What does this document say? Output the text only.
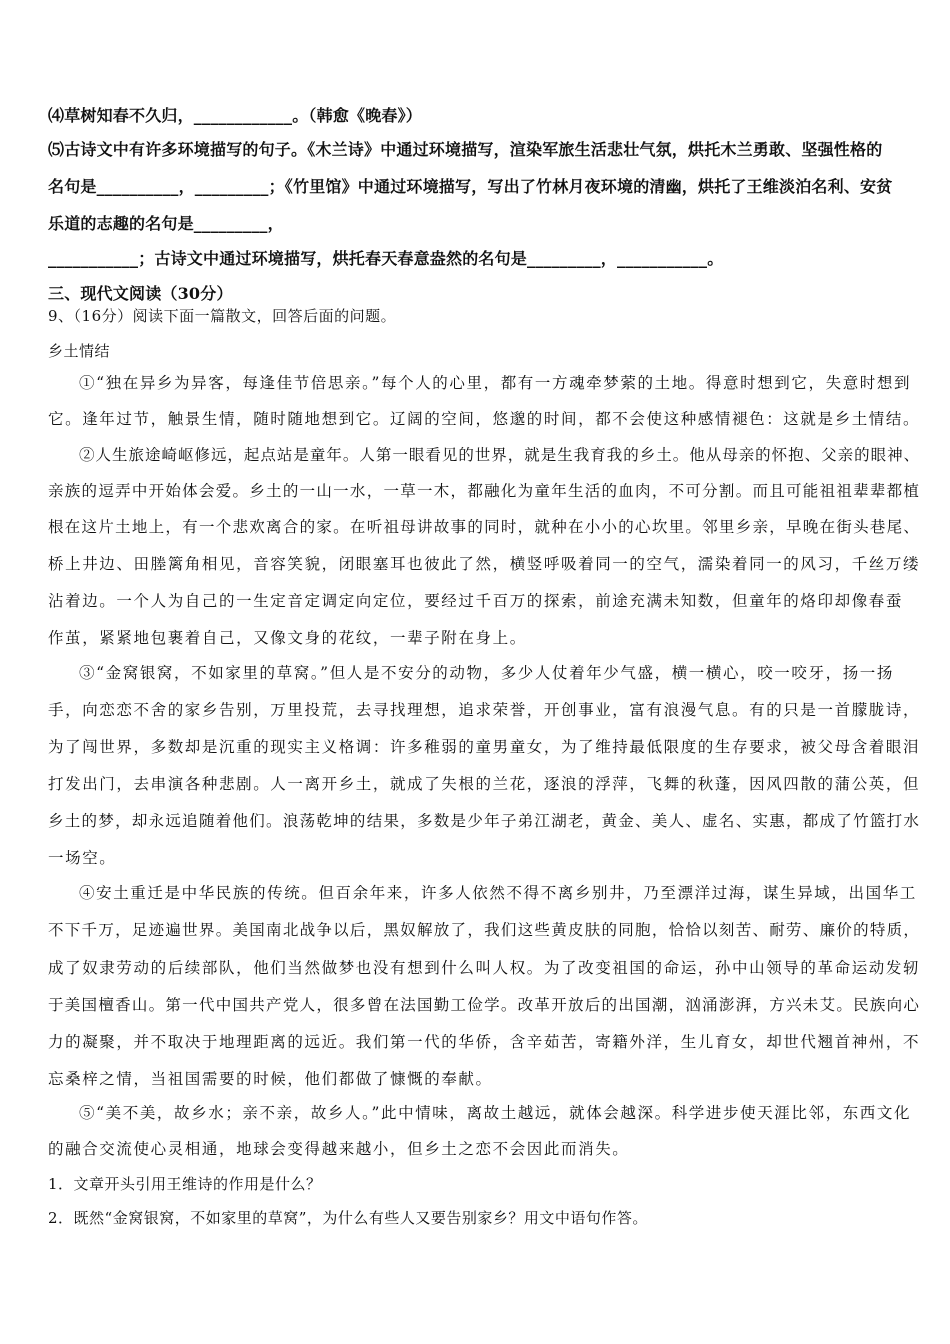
⑷草树知春不久归，____________。（韩愈《晚春》）
⑸古诗文中有许多环境描写的句子。《木兰诗》中通过环境描写，渲染军旅生活悲壮气氛，烘托木兰勇敢、坚强性格的
名句是__________，_________；《竹里馆》中通过环境描写，写出了竹林月夜环境的清幽，烘托了王维淡泊名利、安贫
乐道的志趣的名句是_________，
___________；古诗文中通过环境描写，烘托春天春意盎然的名句是_________，___________。
三、现代文阅读（30分）
9、（16分）阅读下面一篇散文，回答后面的问题。
乡土情结
①“独在异乡为异客，每逢佳节倍思亲。”每个人的心里，都有一方魂牵梦萦的土地。得意时想到它，失意时想到
它。逢年过节，触景生情，随时随地想到它。辽阔的空间，悠邈的时间，都不会使这种感情褪色：这就是乡土情结。
②人生旅途崎岖修远，起点站是童年。人第一眼看见的世界，就是生我育我的乡土。他从母亲的怀抱、父亲的眼神、
亲族的逗弄中开始体会爱。乡土的一山一水，一草一木，都融化为童年生活的血肉，不可分割。而且可能祖祖辈辈都植
根在这片土地上，有一个悲欢离合的家。在听祖母讲故事的同时，就种在小小的心坎里。邻里乡亲，早晚在街头巷尾、
桥上井边、田塍篱角相见，音容笑貌，闭眼塞耳也彼此了然，横竖呼吸着同一的空气，濡染着同一的风习，千丝万缕
沾着边。一个人为自己的一生定音定调定向定位，要经过千百万的探索，前途充满未知数，但童年的烙印却像春蚕
作茧，紧紧地包裹着自己，又像文身的花纹，一辈子附在身上。
③“金窝银窝，不如家里的草窝。”但人是不安分的动物，多少人仗着年少气盛，横一横心，咬一咬牙，扬一扬
手，向恋恋不舍的家乡告别，万里投荒，去寻找理想，追求荣誉，开创事业，富有浪漫气息。有的只是一首朦胧诗，
为了闯世界，多数却是沉重的现实主义格调：许多稚弱的童男童女，为了维持最低限度的生存要求，被父母含着眼泪
打发出门，去串演各种悲剧。人一离开乡土，就成了失根的兰花，逐浪的浮萍，飞舞的秋蓬，因风四散的蒲公英，但
乡土的梦，却永远追随着他们。浪荡乾坤的结果，多数是少年子弟江湖老，黄金、美人、虚名、实惠，都成了竹篮打水
一场空。
④安土重迁是中华民族的传统。但百余年来，许多人依然不得不离乡别井，乃至漂洋过海，谋生异域，出国华工
不下千万，足迹遍世界。美国南北战争以后，黑奴解放了，我们这些黄皮肤的同胞，恰恰以刻苦、耐劳、廉价的特质，
成了奴隶劳动的后续部队，他们当然做梦也没有想到什么叫人权。为了改变祖国的命运，孙中山领导的革命运动发轫
于美国檀香山。第一代中国共产党人，很多曾在法国勤工俭学。改革开放后的出国潮，汹涌澎湃，方兴未艾。民族向心
力的凝聚，并不取决于地理距离的远近。我们第一代的华侨，含辛茹苦，寄籍外洋，生儿育女，却世代翘首神州，不
忘桑梓之情，当祖国需要的时候，他们都做了慷慨的奉献。
⑤“美不美，故乡水；亲不亲，故乡人。”此中情味，离故土越远，就体会越深。科学进步使天涯比邻，东西文化
的融合交流使心灵相通，地球会变得越来越小，但乡土之恋不会因此而消失。
1．文章开头引用王维诗的作用是什么？
2．既然“金窝银窝，不如家里的草窝”，为什么有些人又要告别家乡？用文中语句作答。
